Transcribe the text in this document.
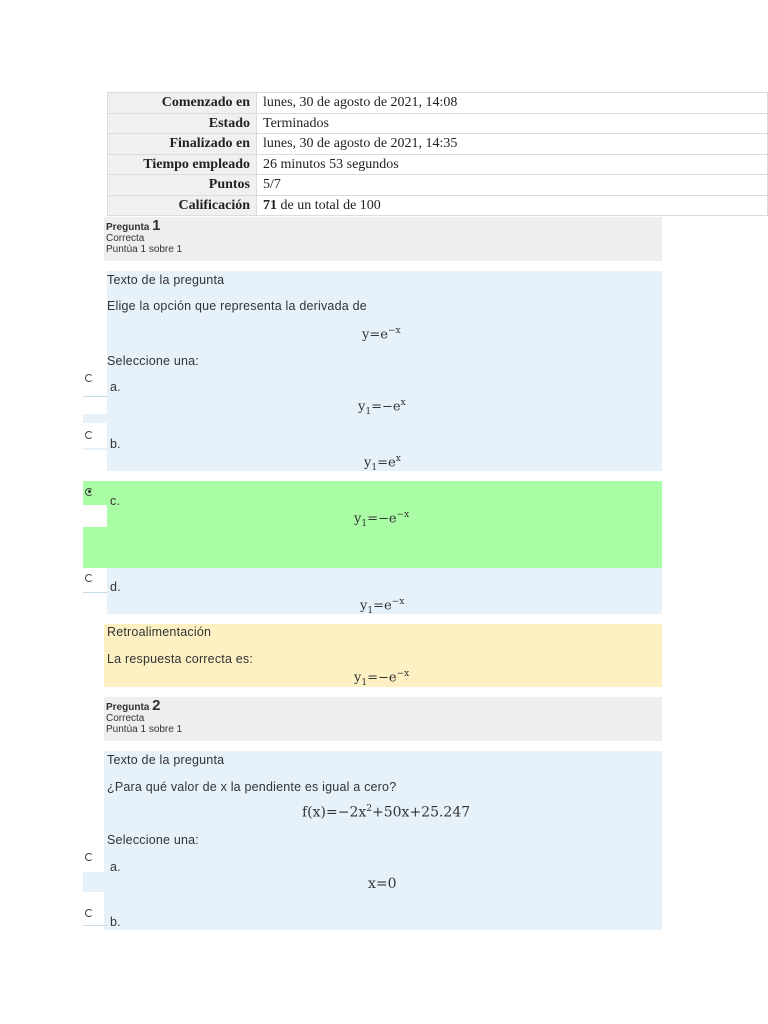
Comenzado en	lunes, 30 de agosto de 2021, 14:08
Estado	Terminados
Finalizado en	lunes, 30 de agosto de 2021, 14:35
Tiempo empleado	26 minutos 53 segundos
Puntos	5/7
Calificación	71 de un total de 100
Pregunta 1
Correcta
Puntúa 1 sobre 1
Texto de la pregunta
Elige la opción que representa la derivada de
$y=e^{-x}$
Seleccione una:
a.
$y_1=-e^x$
b.
$y_1=e^x$
c.
$y_1=-e^{-x}$
d.
$y_1=e^{-x}$
Retroalimentación
La respuesta correcta es:
$y_1=-e^{-x}$
Pregunta 2
Correcta
Puntúa 1 sobre 1
Texto de la pregunta
¿Para qué valor de x la pendiente es igual a cero?
$f(x)=-2x^2+50x+25.247$
Seleccione una:
a.
x=0
b.
